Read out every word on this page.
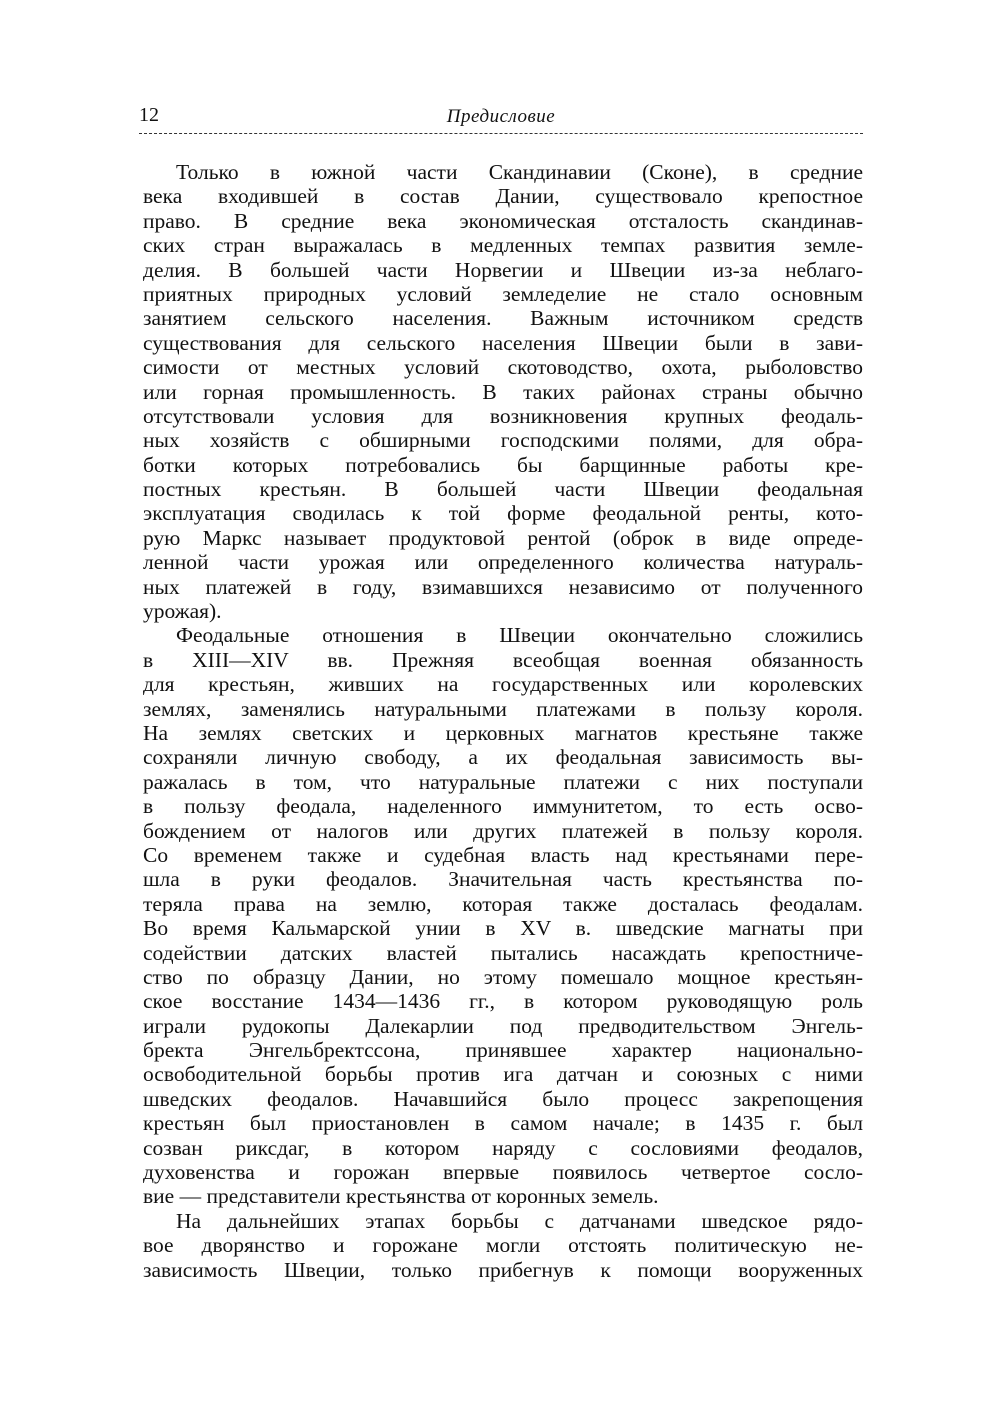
12	Предисловие
Только в южной части Скандинавии (Сконе), в средние
века входившей в состав Дании, существовало крепостное
право. В средние века экономическая отсталость скандинав-
ских стран выражалась в медленных темпах развития земле-
делия. В большей части Норвегии и Швеции из-за неблаго-
приятных природных условий земледелие не стало основным
занятием сельского населения. Важным источником средств
существования для сельского населения Швеции были в зави-
симости от местных условий скотоводство, охота, рыболовство
или горная промышленность. В таких районах страны обычно
отсутствовали условия для возникновения крупных феодаль-
ных хозяйств с обширными господскими полями, для обра-
ботки которых потребовались бы барщинные работы кре-
постных крестьян. В большей части Швеции феодальная
эксплуатация сводилась к той форме феодальной ренты, кото-
рую Маркс называет продуктовой рентой (оброк в виде опреде-
ленной части урожая или определенного количества натураль-
ных платежей в году, взимавшихся независимо от полученного
урожая).
Феодальные отношения в Швеции окончательно сложились
в XIII—XIV вв. Прежняя всеобщая военная обязанность
для крестьян, живших на государственных или королевских
землях, заменялись натуральными платежами в пользу короля.
На землях светских и церковных магнатов крестьяне также
сохраняли личную свободу, а их феодальная зависимость вы-
ражалась в том, что натуральные платежи с них поступали
в пользу феодала, наделенного иммунитетом, то есть осво-
бождением от налогов или других платежей в пользу короля.
Со временем также и судебная власть над крестьянами пере-
шла в руки феодалов. Значительная часть крестьянства по-
теряла права на землю, которая также досталась феодалам.
Во время Кальмарской унии в XV в. шведские магнаты при
содействии датских властей пытались насаждать крепостниче-
ство по образцу Дании, но этому помешало мощное крестьян-
ское восстание 1434—1436 гг., в котором руководящую роль
играли рудокопы Далекарлии под предводительством Энгель-
бректа Энгельбректссона, принявшее характер национально-
освободительной борьбы против ига датчан и союзных с ними
шведских феодалов. Начавшийся было процесс закрепощения
крестьян был приостановлен в самом начале; в 1435 г. был
созван риксдаг, в котором наряду с сословиями феодалов,
духовенства и горожан впервые появилось четвертое сосло-
вие — представители крестьянства от коронных земель.
На дальнейших этапах борьбы с датчанами шведское рядо-
вое дворянство и горожане могли отстоять политическую не-
зависимость Швеции, только прибегнув к помощи вооруженных
